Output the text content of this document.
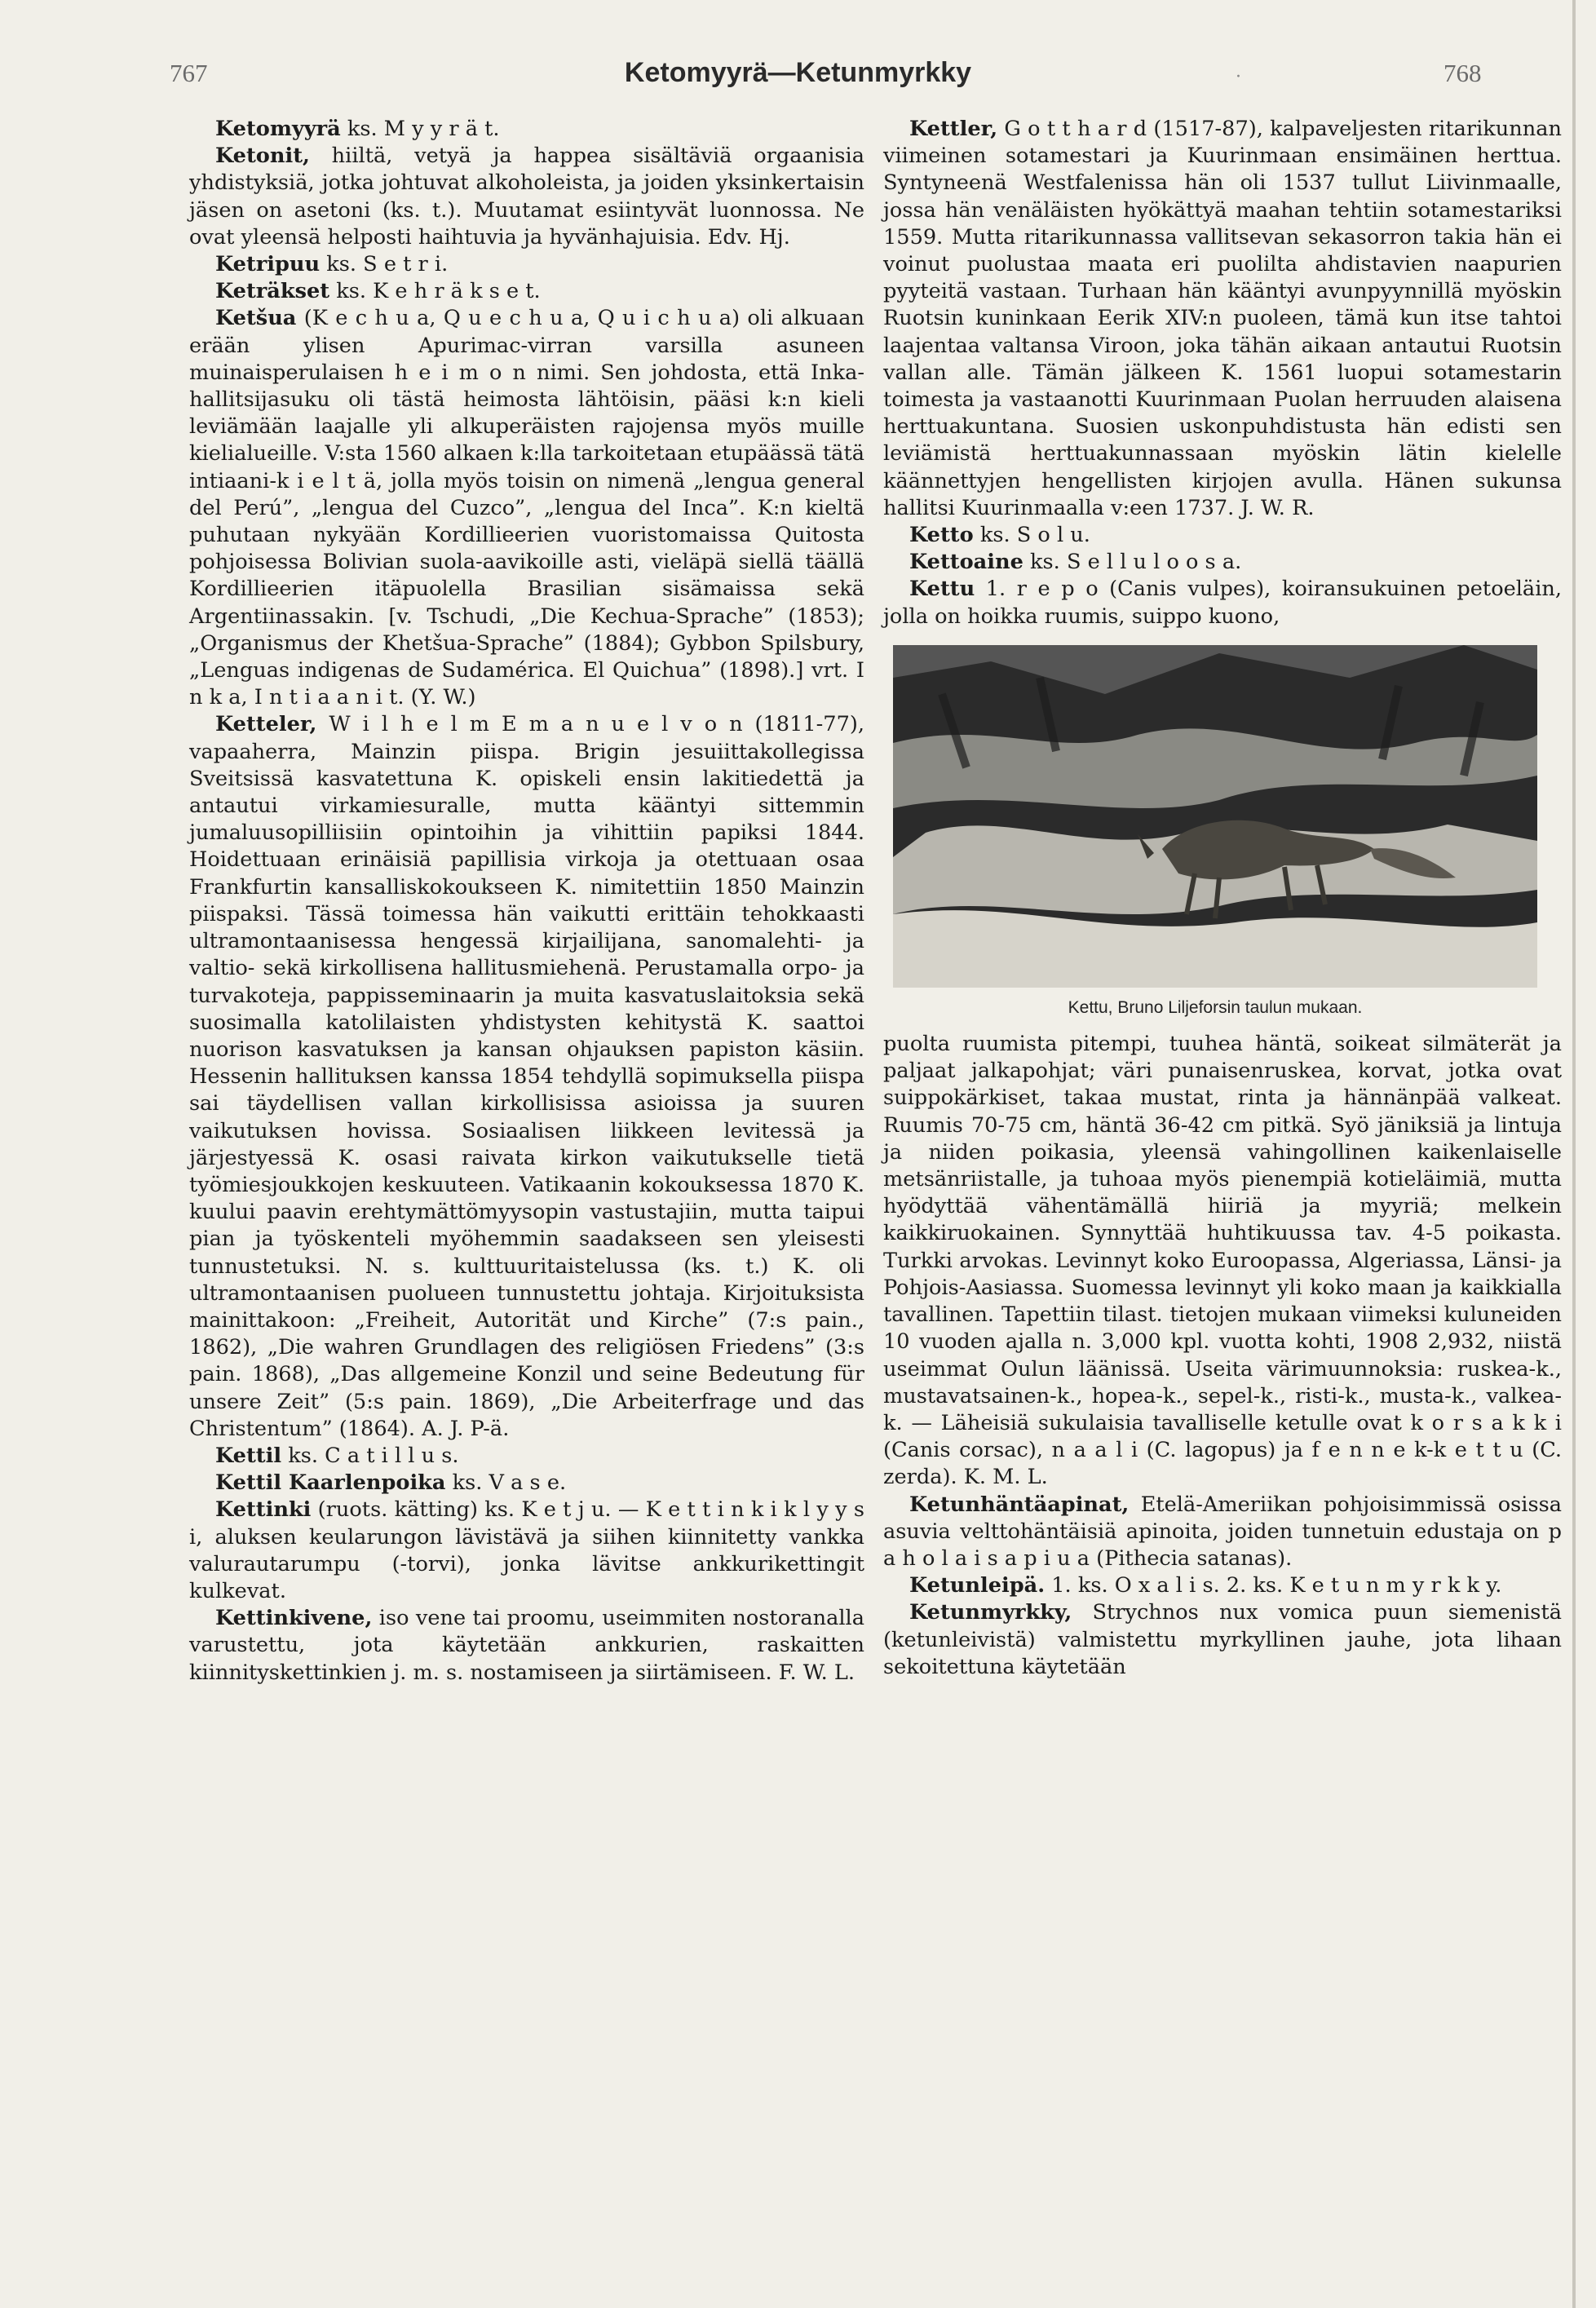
767	Ketomyyrä—Ketunmyrkky	·	768

Ketomyyrä ks. M y y r ä t.

Ketonit, hiiltä, vetyä ja happea sisältäviä orgaanisia yhdistyksiä, jotka johtuvat alkoholeista, ja joiden yksinkertaisin jäsen on asetoni (ks. t.). Muutamat esiintyvät luonnossa. Ne ovat yleensä helposti haihtuvia ja hyvänhajuisia. Edv. Hj.

Ketripuu ks. S e t r i.

Keträkset ks. K e h r ä k s e t.

Ketšua (K e c h u a, Q u e c h u a, Q u i c h u a) oli alkuaan erään ylisen Apurimac-virran varsilla asuneen muinaisperulaisen h e i m o n nimi. Sen johdosta, että Inka-hallitsijasuku oli tästä heimosta lähtöisin, pääsi k:n kieli leviämään laajalle yli alkuperäisten rajojensa myös muille kielialueille. V:sta 1560 alkaen k:lla tarkoitetaan etupäässä tätä intiaani-k i e l t ä, jolla myös toisin on nimenä „lengua general del Perú”, „lengua del Cuzco”, „lengua del Inca”. K:n kieltä puhutaan nykyään Kordillieerien vuoristomaissa Quitosta pohjoisessa Bolivian suola-aavikoille asti, vieläpä siellä täällä Kordillieerien itäpuolella Brasilian sisämaissa sekä Argentiinassakin. [v. Tschudi, „Die Kechua-Sprache” (1853); „Organismus der Khetšua-Sprache” (1884); Gybbon Spilsbury, „Lenguas indigenas de Sudamérica. El Quichua” (1898).] vrt. I n k a, I n t i a a n i t. (Y. W.)

Ketteler, W i l h e l m E m a n u e l v o n (1811-77), vapaaherra, Mainzin piispa. Brigin jesuiittakollegissa Sveitsissä kasvatettuna K. opiskeli ensin lakitiedettä ja antautui virkamiesuralle, mutta kääntyi sittemmin jumaluusopilliisiin opintoihin ja vihittiin papiksi 1844. Hoidettuaan erinäisiä papillisia virkoja ja otettuaan osaa Frankfurtin kansalliskokoukseen K. nimitettiin 1850 Mainzin piispaksi. Tässä toimessa hän vaikutti erittäin tehokkaasti ultramontaanisessa hengessä kirjailijana, sanomalehti- ja valtio- sekä kirkollisena hallitusmiehenä. Perustamalla orpo- ja turvakoteja, pappisseminaarin ja muita kasvatuslaitoksia sekä suosimalla katolilaisten yhdistysten kehitystä K. saattoi nuorison kasvatuksen ja kansan ohjauksen papiston käsiin. Hessenin hallituksen kanssa 1854 tehdyllä sopimuksella piispa sai täydellisen vallan kirkollisissa asioissa ja suuren vaikutuksen hovissa. Sosiaalisen liikkeen levitessä ja järjestyessä K. osasi raivata kirkon vaikutukselle tietä työmiesjoukkojen keskuuteen. Vatikaanin kokouksessa 1870 K. kuului paavin erehtymättömyysopin vastustajiin, mutta taipui pian ja työskenteli myöhemmin saadakseen sen yleisesti tunnustetuksi. N. s. kulttuuritaistelussa (ks. t.) K. oli ultramontaanisen puolueen tunnustettu johtaja. Kirjoituksista mainittakoon: „Freiheit, Autorität und Kirche” (7:s pain., 1862), „Die wahren Grundlagen des religiösen Friedens” (3:s pain. 1868), „Das allgemeine Konzil und seine Bedeutung für unsere Zeit” (5:s pain. 1869), „Die Arbeiterfrage und das Christentum” (1864). A. J. P-ä.

Kettil ks. C a t i l l u s.

Kettil Kaarlenpoika ks. V a s e.

Kettinki (ruots. kätting) ks. K e t j u. — K e t t i n k i k l y y s i, aluksen keularungon lävistävä ja siihen kiinnitetty vankka valurautarumpu (-torvi), jonka lävitse ankkurikettingit kulkevat.

Kettinkivene, iso vene tai proomu, useimmiten nostoranalla varustettu, jota käytetään ankkurien, raskaitten kiinnityskettinkien j. m. s. nostamiseen ja siirtämiseen. F. W. L.

Kettler, G o t t h a r d (1517-87), kalpaveljesten ritarikunnan viimeinen sotamestari ja Kuurinmaan ensimäinen herttua. Syntyneenä Westfalenissa hän oli 1537 tullut Liivinmaalle, jossa hän venäläisten hyökättyä maahan tehtiin sotamestariksi 1559. Mutta ritarikunnassa vallitsevan sekasorron takia hän ei voinut puolustaa maata eri puolilta ahdistavien naapurien pyyteitä vastaan. Turhaan hän kääntyi avunpyynnillä myöskin Ruotsin kuninkaan Eerik XIV:n puoleen, tämä kun itse tahtoi laajentaa valtansa Viroon, joka tähän aikaan antautui Ruotsin vallan alle. Tämän jälkeen K. 1561 luopui sotamestarin toimesta ja vastaanotti Kuurinmaan Puolan herruuden alaisena herttuakuntana. Suosien uskonpuhdistusta hän edisti sen leviämistä herttuakunnassaan myöskin lätin kielelle käännettyjen hengellisten kirjojen avulla. Hänen sukunsa hallitsi Kuurinmaalla v:een 1737. J. W. R.

Ketto ks. S o l u.

Kettoaine ks. S e l l u l o o s a.

Kettu 1. r e p o (Canis vulpes), koiransukuinen petoeläin, jolla on hoikka ruumis, suippo kuono,

Kettu, Bruno Liljeforsin taulun mukaan.

puolta ruumista pitempi, tuuhea häntä, soikeat silmäterät ja paljaat jalkapohjat; väri punaisenruskea, korvat, jotka ovat suippokärkiset, takaa mustat, rinta ja hännänpää valkeat. Ruumis 70-75 cm, häntä 36-42 cm pitkä. Syö jäniksiä ja lintuja ja niiden poikasia, yleensä vahingollinen kaikenlaiselle metsänriistalle, ja tuhoaa myös pienempiä kotieläimiä, mutta hyödyttää vähentämällä hiiriä ja myyriä; melkein kaikkiruokainen. Synnyttää huhtikuussa tav. 4-5 poikasta. Turkki arvokas. Levinnyt koko Euroopassa, Algeriassa, Länsi- ja Pohjois-Aasiassa. Suomessa levinnyt yli koko maan ja kaikkialla tavallinen. Tapettiin tilast. tietojen mukaan viimeksi kuluneiden 10 vuoden ajalla n. 3,000 kpl. vuotta kohti, 1908 2,932, niistä useimmat Oulun läänissä. Useita värimuunnoksia: ruskea-k., mustavatsainen-k., hopea-k., sepel-k., risti-k., musta-k., valkea-k. — Läheisiä sukulaisia tavalliselle ketulle ovat k o r s a k k i (Canis corsac), n a a l i (C. lagopus) ja f e n n e k-k e t t u (C. zerda). K. M. L.

Ketunhäntäapinat, Etelä-Ameriikan pohjoisimmissä osissa asuvia velttohäntäisiä apinoita, joiden tunnetuin edustaja on p a h o l a i s a p i u a (Pithecia satanas).

Ketunleipä. 1. ks. O x a l i s. 2. ks. K e t u n m y r k k y.

Ketunmyrkky, Strychnos nux vomica puun siemenistä (ketunleivistä) valmistettu myrkyllinen jauhe, jota lihaan sekoitettuna käytetään
